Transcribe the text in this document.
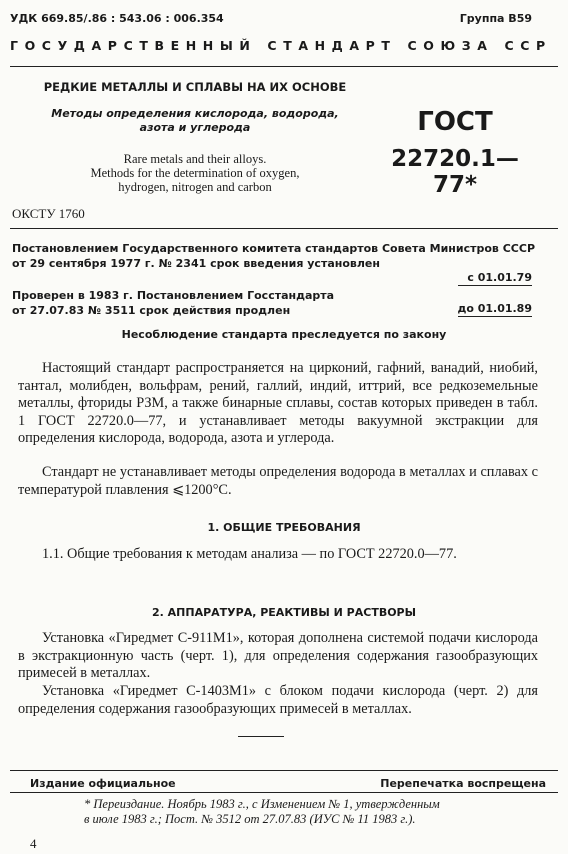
УДК 669.85/.86 : 543.06 : 006.354	Группа В59
ГОСУДАРСТВЕННЫЙ СТАНДАРТ СОЮЗА ССР
РЕДКИЕ МЕТАЛЛЫ И СПЛАВЫ НА ИХ ОСНОВЕ
Методы определения кислорода, водорода,
азота и углерода
Rare metals and their alloys.
Methods for the determination of oxygen,
hydrogen, nitrogen and carbon
ГОСТ
22720.1—77*
ОКСТУ 1760
Постановлением Государственного комитета стандартов Совета Министров СССР
от 29 сентября 1977 г. № 2341 срок введения установлен
с 01.01.79
Проверен в 1983 г. Постановлением Госстандарта
от 27.07.83 № 3511 срок действия продлен	до 01.01.89
Несоблюдение стандарта преследуется по закону
Настоящий стандарт распространяется на цирконий, гафний, ванадий, ниобий, тантал, молибден, вольфрам, рений, галлий, индий, иттрий, все редкоземельные металлы, фториды РЗМ, а также бинарные сплавы, состав которых приведен в табл. 1 ГОСТ 22720.0—77, и устанавливает методы вакуумной экстракции для определения кислорода, водорода, азота и углерода.
Стандарт не устанавливает методы определения водорода в металлах и сплавах с температурой плавления ⩽1200°С.
1. ОБЩИЕ ТРЕБОВАНИЯ
1.1. Общие требования к методам анализа — по ГОСТ 22720.0—77.
2. АППАРАТУРА, РЕАКТИВЫ И РАСТВОРЫ
Установка «Гиредмет С-911М1», которая дополнена системой подачи кислорода в экстракционную часть (черт. 1), для определения содержания газообразующих примесей в металлах.
Установка «Гиредмет С-1403М1» с блоком подачи кислорода (черт. 2) для определения содержания газообразующих примесей в металлах.
Издание официальное	Перепечатка воспрещена
* Переиздание. Ноябрь 1983 г., с Изменением № 1, утвержденным
в июле 1983 г.; Пост. № 3512 от 27.07.83 (ИУС № 11 1983 г.).
4
